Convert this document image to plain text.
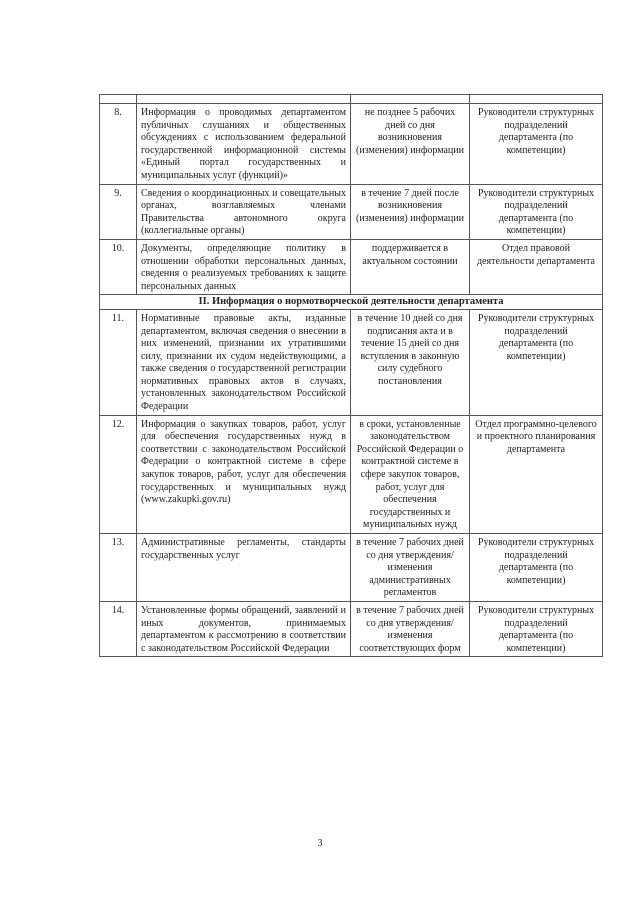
8.	Информация о проводимых департаментом публичных слушаниях и общественных обсуждениях с использованием федеральной государственной информационной системы «Единый портал государственных и муниципальных услуг (функций)»	не позднее 5 рабочих дней со дня возникновения (изменения) информации	Руководители структурных подразделений департамента (по компетенции)
9.	Сведения о координационных и совещательных органах, возглавляемых членами Правительства автономного округа (коллегиальные органы)	в течение 7 дней после возникновения (изменения) информации	Руководители структурных подразделений департамента (по компетенции)
10.	Документы, определяющие политику в отношении обработки персональных данных, сведения о реализуемых требованиях к защите персональных данных	поддерживается в актуальном состоянии	Отдел правовой деятельности департамента
II. Информация о нормотворческой деятельности департамента			
11.	Нормативные правовые акты, изданные департаментом, включая сведения о внесении в них изменений, признании их утратившими силу, признании их судом недействующими, а также сведения о государственной регистрации нормативных правовых актов в случаях, установленных законодательством Российской Федерации	в течение 10 дней со дня подписания акта и в течение 15 дней со дня вступления в законную силу судебного постановления	Руководители структурных подразделений департамента (по компетенции)
12.	Информация о закупках товаров, работ, услуг для обеспечения государственных нужд в соответствии с законодательством Российской Федерации о контрактной системе в сфере закупок товаров, работ, услуг для обеспечения государственных и муниципальных нужд (www.zakupki.gov.ru)	в сроки, установленные законодательством Российской Федерации о контрактной системе в сфере закупок товаров, работ, услуг для обеспечения государственных и муниципальных нужд	Отдел программно-целевого и проектного планирования департамента
13.	Административные регламенты, стандарты государственных услуг	в течение 7 рабочих дней со дня утверждения/изменения административных регламентов	Руководители структурных подразделений департамента (по компетенции)
14.	Установленные формы обращений, заявлений и иных документов, принимаемых департаментом к рассмотрению в соответствии с законодательством Российской Федерации	в течение 7 рабочих дней со дня утверждения/изменения соответствующих форм	Руководители структурных подразделений департамента (по компетенции)
3
